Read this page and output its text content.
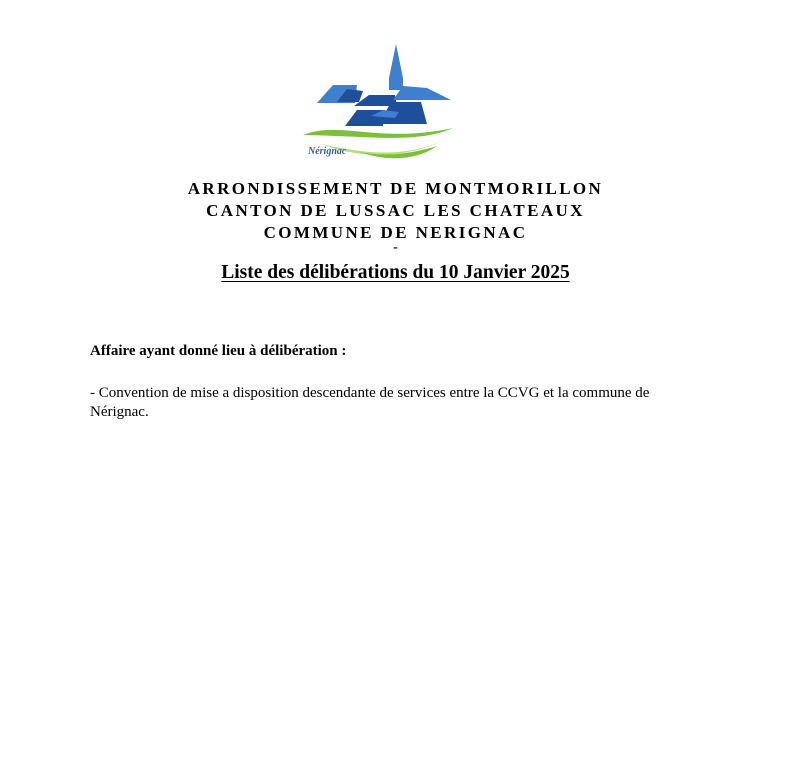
Nérignac
ARRONDISSEMENT DE MONTMORILLON
CANTON DE LUSSAC LES CHATEAUX
COMMUNE DE NERIGNAC
-
Liste des délibérations du 10 Janvier 2025
Affaire ayant donné lieu à délibération :
- Convention de mise a disposition descendante de services entre la CCVG et la commune de Nérignac.
